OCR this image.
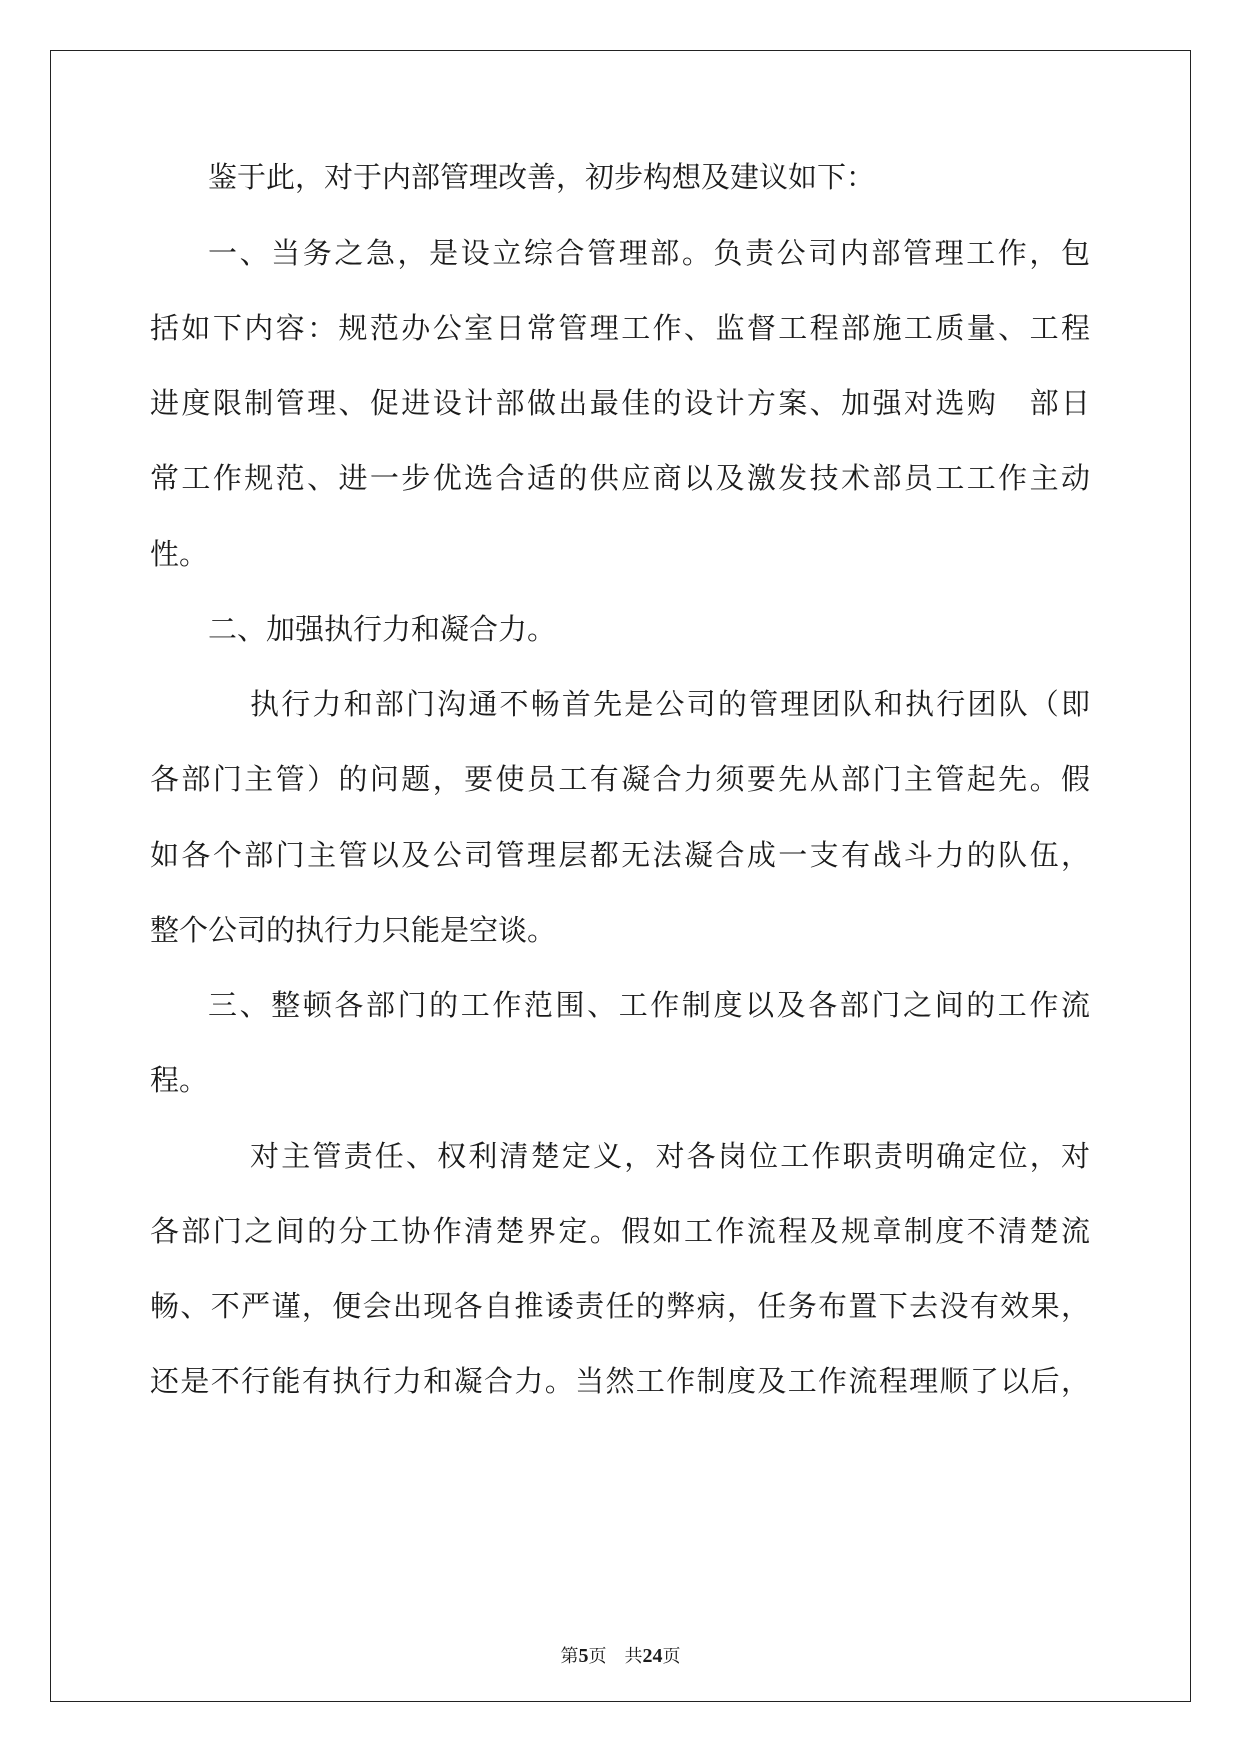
鉴于此，对于内部管理改善，初步构想及建议如下：
一、当务之急，是设立综合管理部。负责公司内部管理工作，包
括如下内容：规范办公室日常管理工作、监督工程部施工质量、工程
进度限制管理、促进设计部做出最佳的设计方案、加强对选购　部日
常工作规范、进一步优选合适的供应商以及激发技术部员工工作主动
性。
二、加强执行力和凝合力。
执行力和部门沟通不畅首先是公司的管理团队和执行团队（即
各部门主管）的问题，要使员工有凝合力须要先从部门主管起先。假
如各个部门主管以及公司管理层都无法凝合成一支有战斗力的队伍，
整个公司的执行力只能是空谈。
三、整顿各部门的工作范围、工作制度以及各部门之间的工作流
程。
对主管责任、权利清楚定义，对各岗位工作职责明确定位，对
各部门之间的分工协作清楚界定。假如工作流程及规章制度不清楚流
畅、不严谨，便会出现各自推诿责任的弊病，任务布置下去没有效果，
还是不行能有执行力和凝合力。当然工作制度及工作流程理顺了以后，
第5页 共24页
